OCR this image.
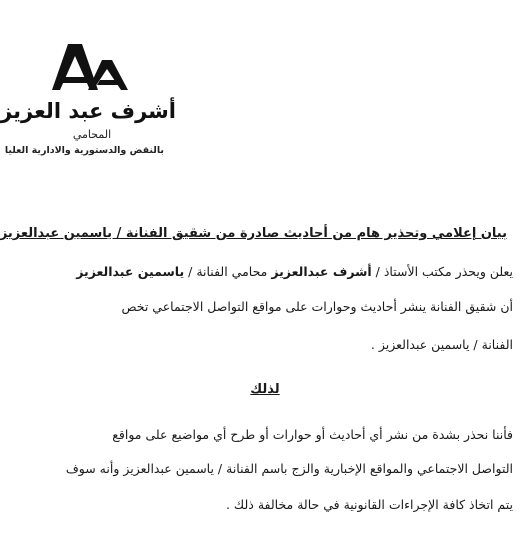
أشرف عبد العزيز
المحامي
بالنقض والدستورية والادارية العليا
بيان إعلامي وتحذير هام من أحاديث صادرة من شقيق الفنانة / ياسمين عبدالعزيز
يعلن ويحذر مكتب الأستاذ / أشرف عبدالعزيز محامي الفنانة / ياسمين عبدالعزيز
أن شقيق الفنانة ينشر أحاديث وحوارات على مواقع التواصل الاجتماعي تخص
الفنانة / ياسمين عبدالعزيز .
لذلك
فأننا نحذر بشدة من نشر أي أحاديث أو حوارات أو طرح أي مواضيع على مواقع
التواصل الاجتماعي والمواقع الإخبارية والزج باسم الفنانة / ياسمين عبدالعزيز وأنه سوف
يتم اتخاذ كافة الإجراءات القانونية في حالة مخالفة ذلك .
